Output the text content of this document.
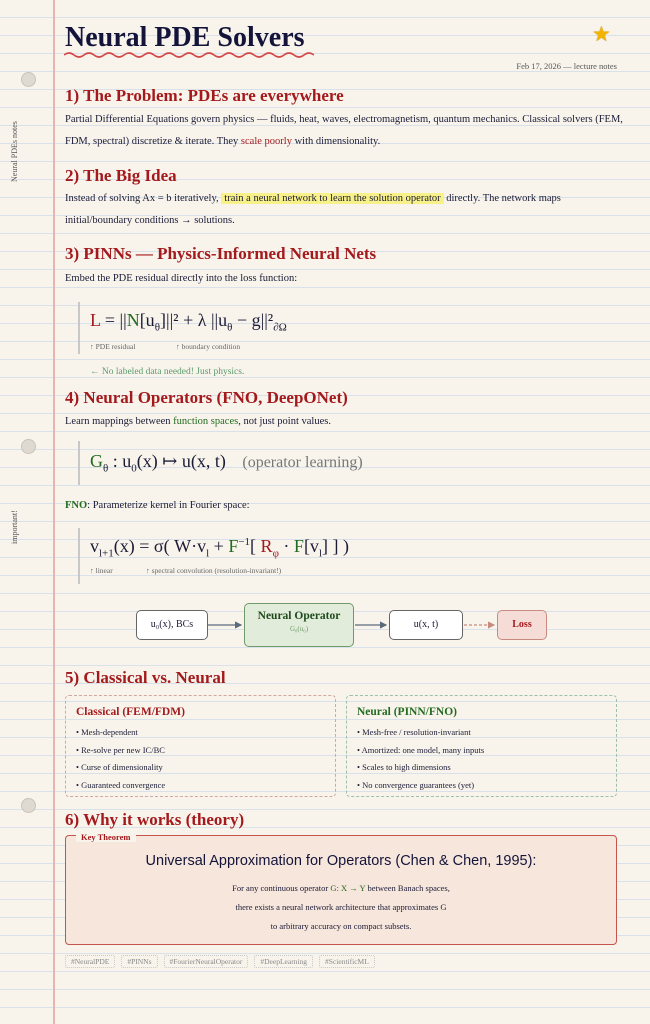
Neural PDEs notes
important!
Neural PDE Solvers	★
Feb 17, 2026 — lecture notes
1) The Problem: PDEs are everywhere
Partial Differential Equations govern physics — fluids, heat, waves, electromagnetism, quantum mechanics. Classical solvers (FEM, FDM, spectral) discretize & iterate. They scale poorly with dimensionality.
2) The Big Idea
Instead of solving Ax = b iteratively, train a neural network to learn the solution operator directly. The network maps initial/boundary conditions → solutions.
3) PINNs — Physics-Informed Neural Nets
Embed the PDE residual directly into the loss function:
$L = ||N[u_\theta]||^2 + \lambda$ $||u_\theta - g||^2_{\partial\Omega}$
↑ PDE residual	↑ boundary condition
← No labeled data needed! Just physics.
4) Neural Operators (FNO, DeepONet)
Learn mappings between function spaces, not just point values.
$G_\theta$ : $u_0(x)$ ↦ u(x, t) (operator learning)
FNO: Parameterize kernel in Fourier space:
$v_{l+1}(x) = \sigma$( $W\cdot v_l + F^{-1}$[ $R_\varphi \cdot F[v_l]$ ] )
↑ linear	↑ spectral convolution (resolution-invariant!)
u₀(x), BCs
Neural Operator
G₀(u₀)	u(x, t)	Loss
5) Classical vs. Neural
Classical (FEM/FDM)
• Mesh-dependent
• Re-solve per new IC/BC
• Curse of dimensionality
• Guaranteed convergence
Neural (PINN/FNO)
• Mesh-free / resolution-invariant
• Amortized: one model, many inputs
• Scales to high dimensions
• No convergence guarantees (yet)
6) Why it works (theory)
Universal Approximation for Operators (Chen & Chen, 1995):
For any continuous operator G: X → Y between Banach spaces,
there exists a neural network architecture that approximates G
to arbitrary accuracy on compact subsets.
Key Theorem
#NeuralPDE	#PINNs	#FourierNeuralOperator	#DeepLearning	#ScientificML
